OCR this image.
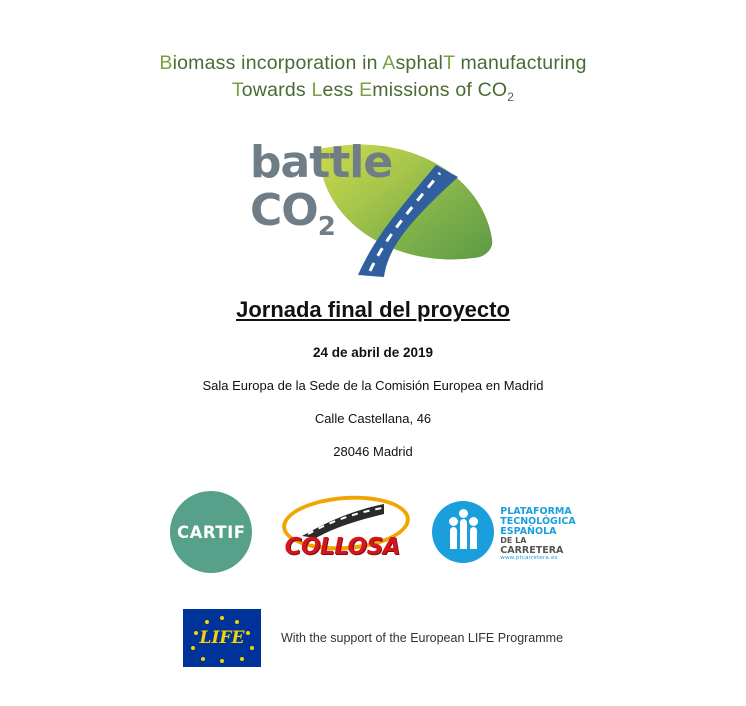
Biomass incorporation in AsphalT manufacturing
Towards Less Emissions of $CO_2$
battle
$CO_2$
Jornada final del proyecto
24 de abril de 2019
Sala Europa de la Sede de la Comisión Europea en Madrid
Calle Castellana, 46
28046 Madrid
CARTIF
COLLOSA
PLATAFORMA
TECNOLÓGICA
ESPAÑOLA
DE LA
CARRETERA
www.ptcarretera.es
LIFE	With the support of the European LIFE Programme
